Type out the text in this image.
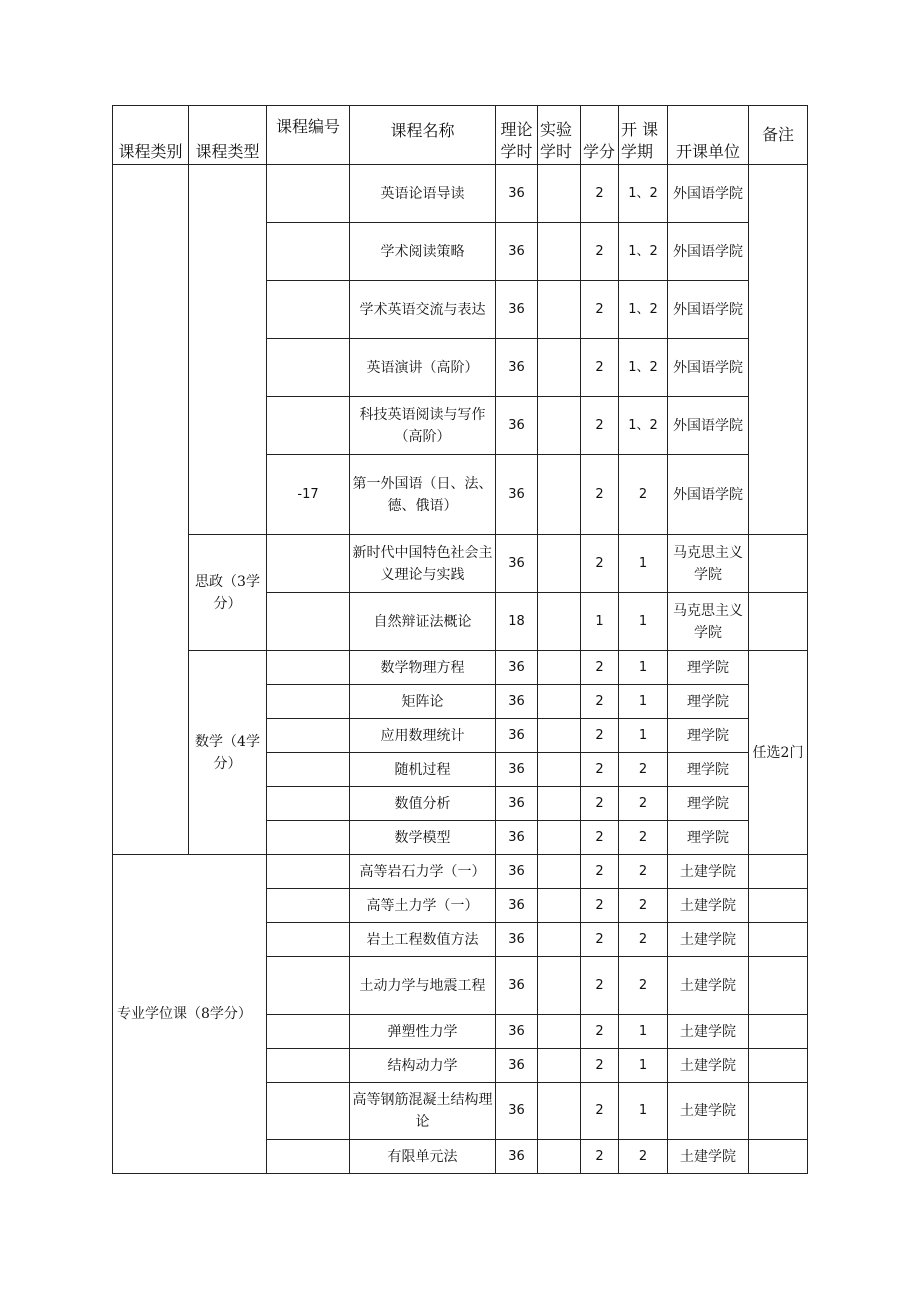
课程类别	课程类型	课程编号	课程名称	理论学时	实验学时	学分	开 课 学期	开课单位	备注
			英语论语导读	36		2	1、2	外国语学院	
			学术阅读策略	36		2	1、2	外国语学院	
			学术英语交流与表达	36		2	1、2	外国语学院	
			英语演讲（高阶）	36		2	1、2	外国语学院	
			科技英语阅读与写作（高阶）	36		2	1、2	外国语学院	
		-17	第一外国语（日、法、德、俄语）	36		2	2	外国语学院	
	思政（3学分）		新时代中国特色社会主义理论与实践	36		2	1	马克思主义学院	
			自然辩证法概论	18		1	1	马克思主义学院	
	数学（4学分）		数学物理方程	36		2	1	理学院	任选2门
			矩阵论	36		2	1	理学院	
			应用数理统计	36		2	1	理学院	
			随机过程	36		2	2	理学院	
			数值分析	36		2	2	理学院	
			数学模型	36		2	2	理学院	
专业学位课（8学分）			高等岩石力学（一）	36		2	2	土建学院	
			高等土力学（一）	36		2	2	土建学院	
			岩土工程数值方法	36		2	2	土建学院	
			土动力学与地震工程	36		2	2	土建学院	
			弹塑性力学	36		2	1	土建学院	
			结构动力学	36		2	1	土建学院	
			高等钢筋混凝土结构理论	36		2	1	土建学院	
			有限单元法	36		2	2	土建学院	
